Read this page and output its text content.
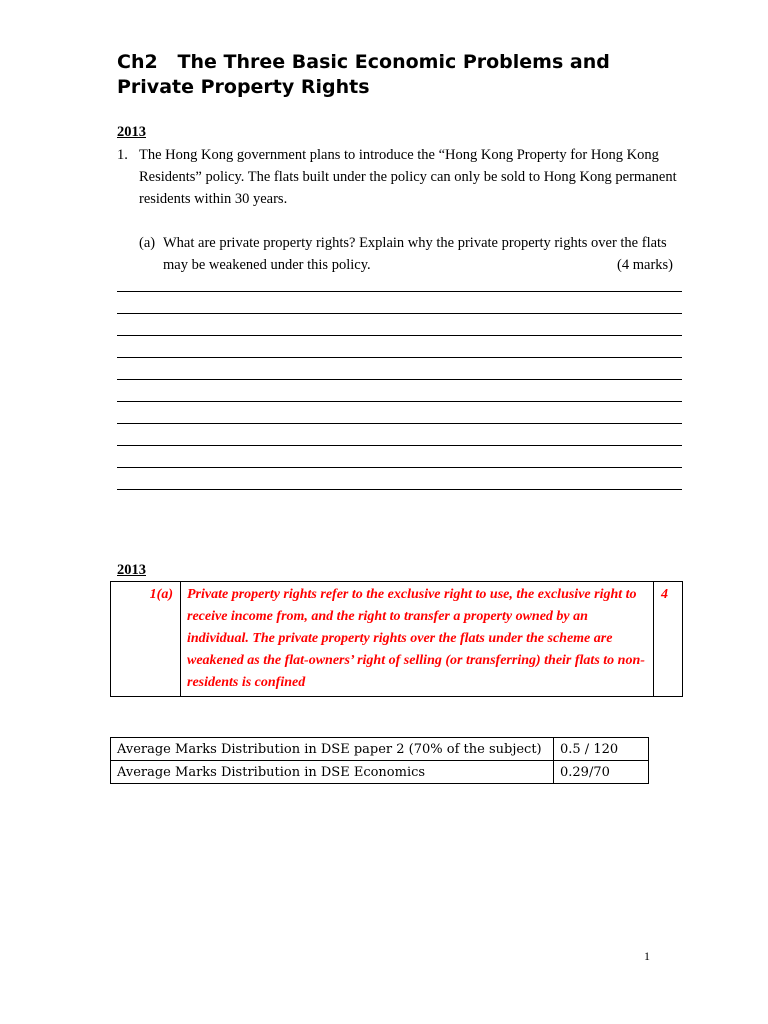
Ch2   The Three Basic Economic Problems and
Private Property Rights
2013
1. The Hong Kong government plans to introduce the “Hong Kong Property for Hong Kong Residents” policy. The flats built under the policy can only be sold to Hong Kong permanent residents within 30 years.
(a) What are private property rights? Explain why the private property rights over the flats may be weakened under this policy.	(4 marks)
2013
1(a)	Private property rights refer to the exclusive right to use, the exclusive right to receive income from, and the right to transfer a property owned by an individual. The private property rights over the flats under the scheme are weakened as the flat-owners’ right of selling (or transferring) their flats to non-residents is confined	4
Average Marks Distribution in DSE paper 2 (70% of the subject)	0.5 / 120
Average Marks Distribution in DSE Economics	0.29/70
1
